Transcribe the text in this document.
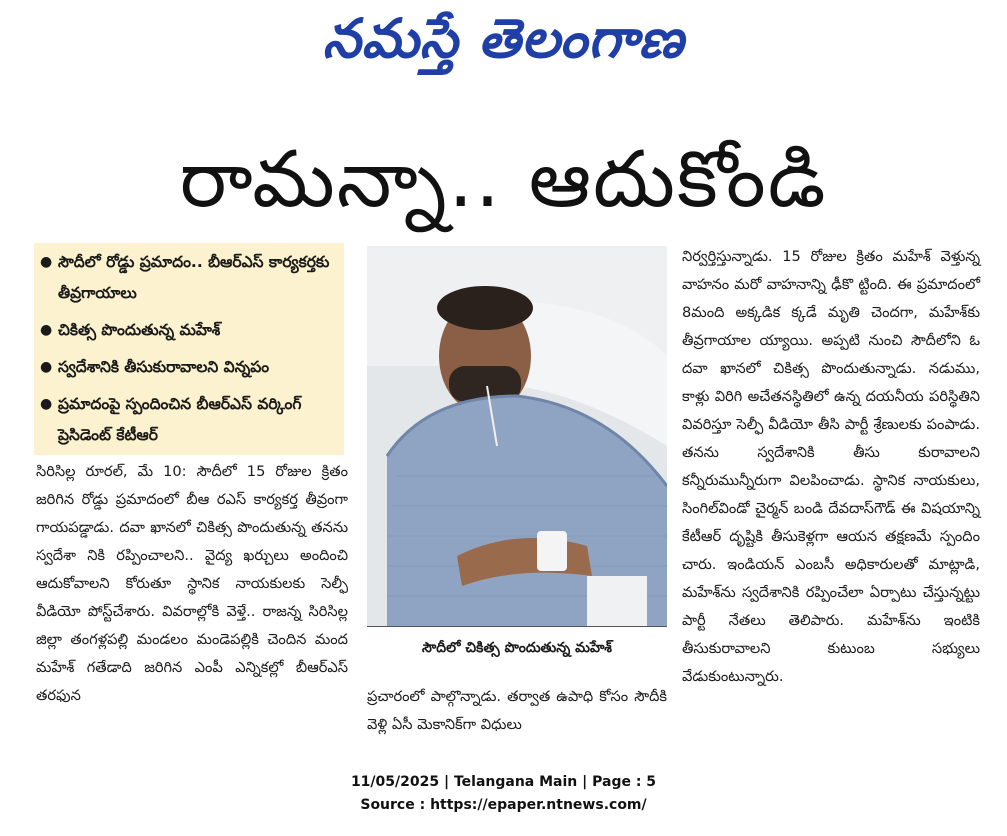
నమస్తే తెలంగాణ
రామన్నా.. ఆదుకోండి
● సౌదీలో రోడ్డు ప్రమాదం.. బీఆర్‌ఎస్‌ కార్యకర్తకు తీవ్రగాయాలు
● చికిత్స పొందుతున్న మహేశ్‌
● స్వదేశానికి తీసుకురావాలని విన్నపం
● ప్రమాదంపై స్పందించిన బీఆర్‌ఎస్‌ వర్కింగ్‌ ప్రెసిడెంట్‌ కేటీఆర్‌
సిరిసిల్ల రూరల్‌, మే 10: సౌదీలో 15 రోజుల క్రితం జరిగిన రోడ్డు ప్రమాదంలో బీఆ రఎస్‌ కార్యకర్త తీవ్రంగా గాయపడ్డాడు. దవా ఖానలో చికిత్స పొందుతున్న తనను స్వదేశా నికి రప్పించాలని.. వైద్య ఖర్చులు అందించి ఆదుకోవాలని కోరుతూ స్థానిక నాయకులకు సెల్ఫీ వీడియో పోస్ట్‌చేశారు. వివరాల్లోకి వెళ్తే.. రాజన్న సిరిసిల్ల జిల్లా తంగళ్లపల్లి మండలం మండెపల్లికి చెందిన మంద మహేశ్‌ గతేడాది జరిగిన ఎంపీ ఎన్నికల్లో బీఆర్‌ఎస్‌ తరఫున
సౌదీలో చికిత్స పొందుతున్న మహేశ్‌
ప్రచారంలో పాల్గొన్నాడు. తర్వాత ఉపాధి కోసం సౌదీకి వెళ్లి ఏసీ మెకానిక్‌గా విధులు
నిర్వర్తిస్తున్నాడు. 15 రోజుల క్రితం మహేశ్‌ వెళ్తున్న వాహనం మరో వాహనాన్ని ఢీకొ ట్టింది. ఈ ప్రమాదంలో 8మంది అక్కడిక క్కడే మృతి చెందగా, మహేశ్‌కు తీవ్రగాయాల య్యాయి. అప్పటి నుంచి సౌదీలోని ఓ దవా ఖానలో చికిత్స పొందుతున్నాడు. నడుము, కాళ్లు విరిగి అచేతనస్థితిలో ఉన్న దయనీయ పరిస్థితిని వివరిస్తూ సెల్ఫీ వీడియో తీసి పార్టీ శ్రేణులకు పంపాడు. తనను స్వదేశానికి తీసు కురావాలని కన్నీరుమున్నీరుగా విలపించాడు. స్థానిక నాయకులు, సింగిల్‌విండో చైర్మన్‌ బండి దేవదాస్‌గౌడ్‌ ఈ విషయాన్ని కేటీఆర్‌ దృష్టికి తీసుకెళ్లగా ఆయన తక్షణమే స్పందిం చారు. ఇండియన్‌ ఎంబసీ అధికారులతో మాట్లాడి, మహేశ్‌ను స్వదేశానికి రప్పించేలా ఏర్పాటు చేస్తున్నట్టు పార్టీ నేతలు తెలిపారు. మహేశ్‌ను ఇంటికి తీసుకురావాలని కుటుంబ సభ్యులు వేడుకుంటున్నారు.
11/05/2025 | Telangana Main | Page : 5
Source : https://epaper.ntnews.com/
